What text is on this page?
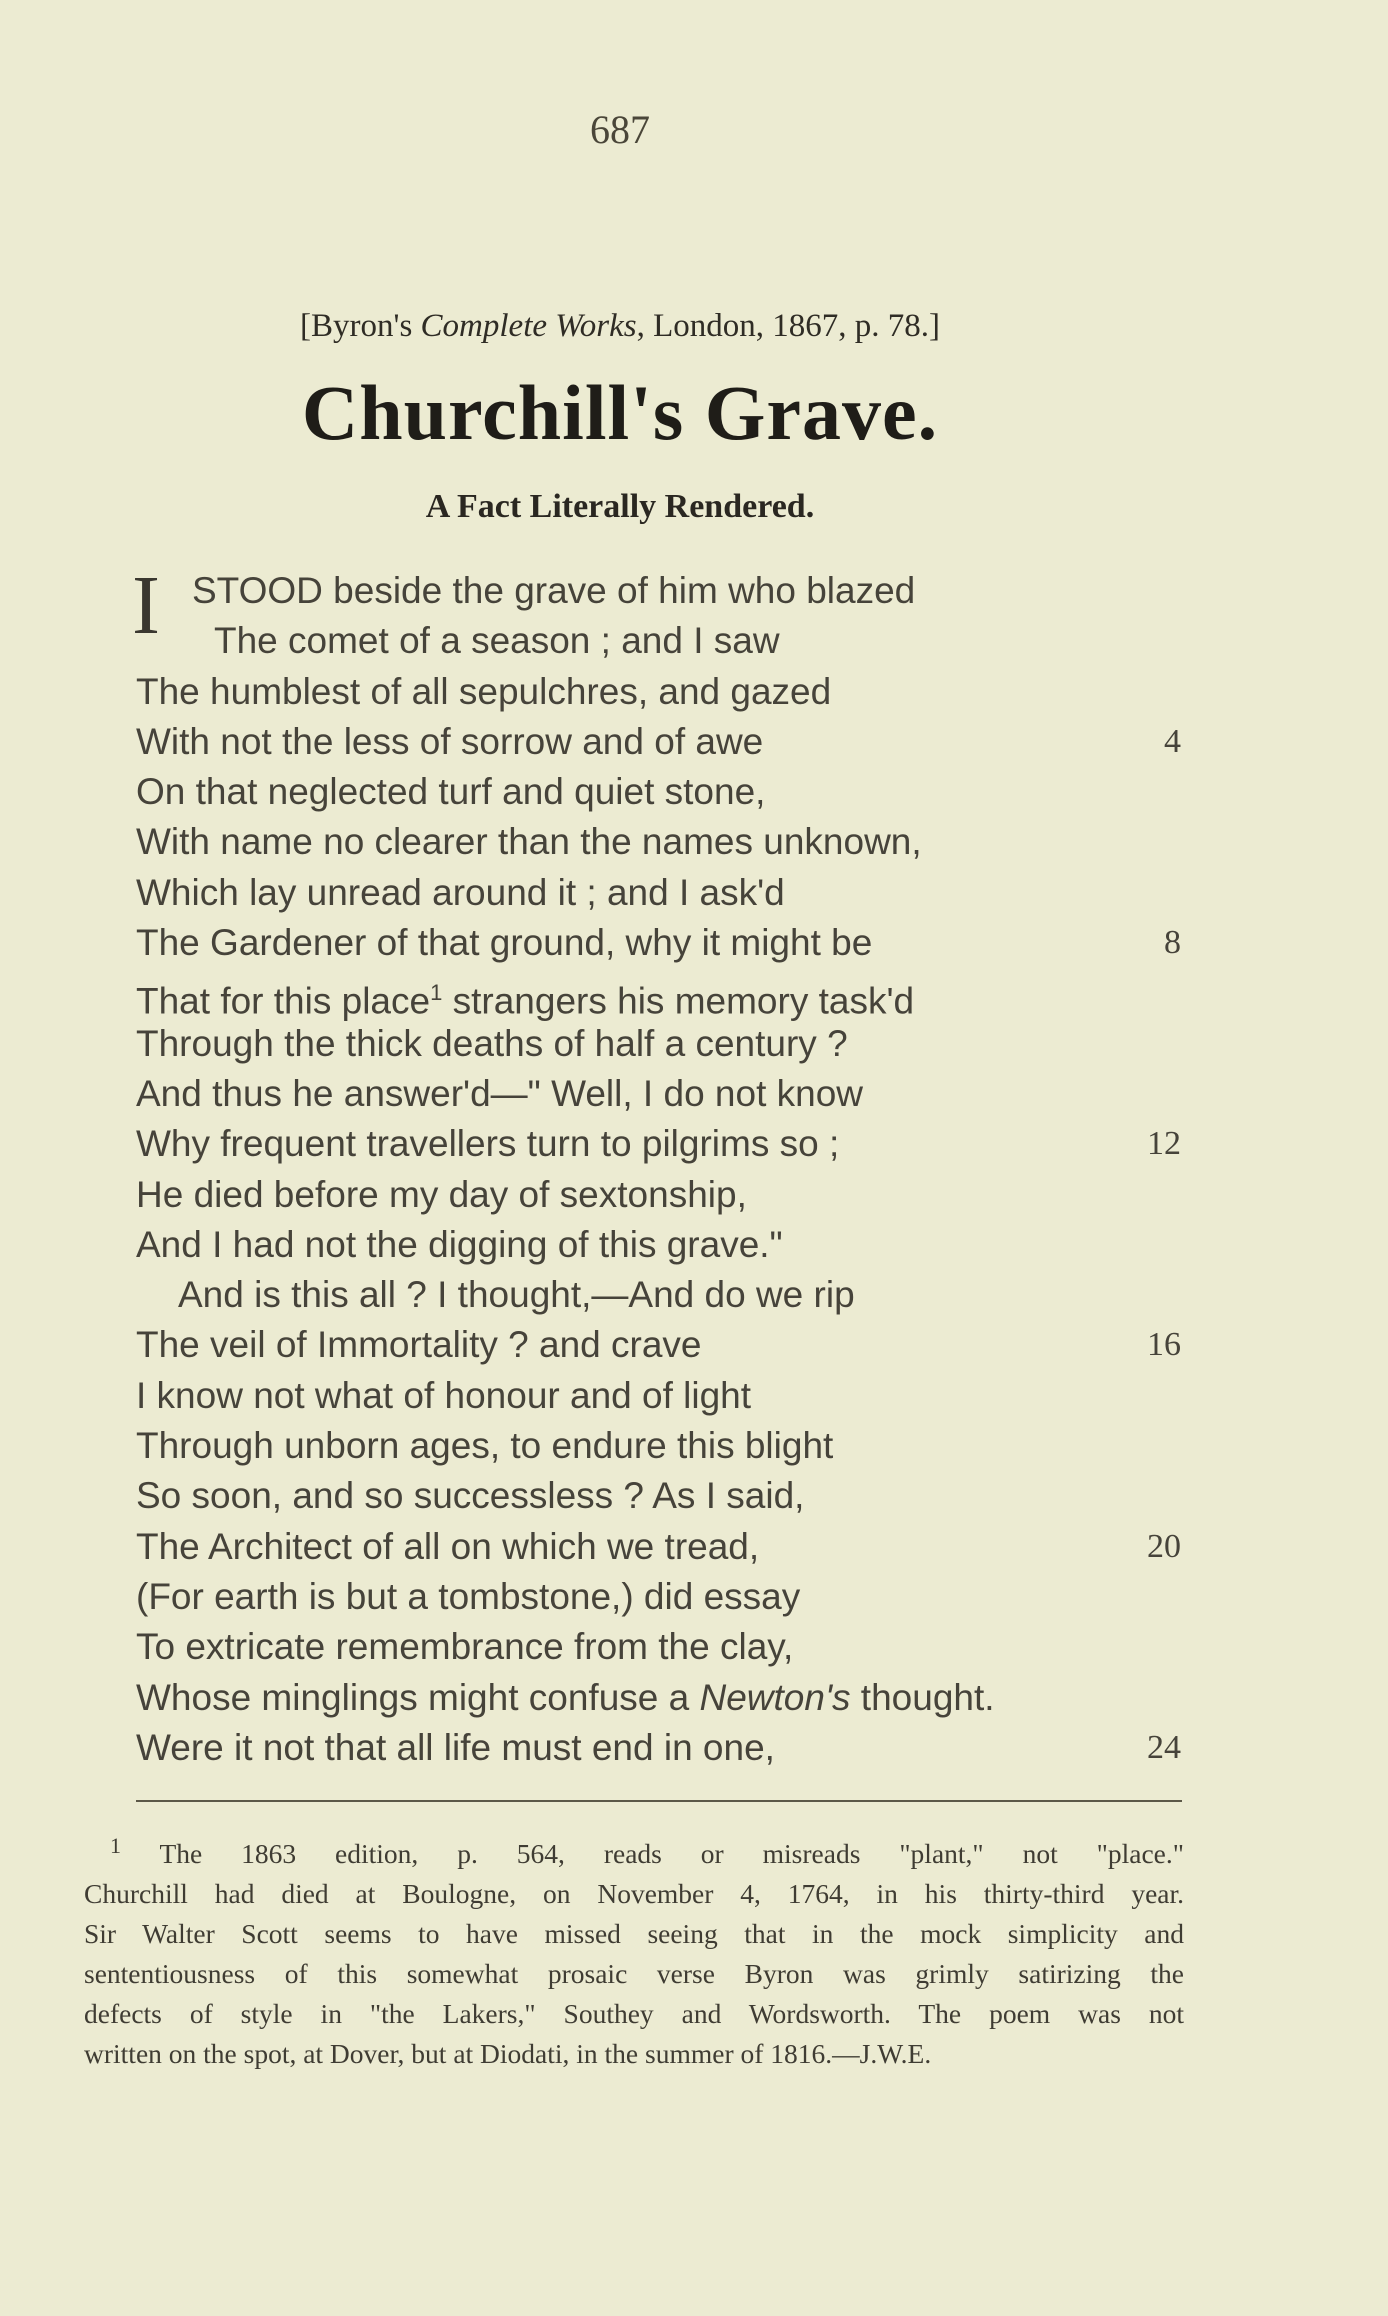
687
[Byron's Complete Works, London, 1867, p. 78.]
Churchill's Grave.
A Fact Literally Rendered.
I STOOD beside the grave of him who blazed
The comet of a season ; and I saw
The humblest of all sepulchres, and gazed
With not the less of sorrow and of awe	4
On that neglected turf and quiet stone,
With name no clearer than the names unknown,
Which lay unread around it ; and I ask'd
The Gardener of that ground, why it might be	8
That for this place$^1$ strangers his memory task'd
Through the thick deaths of half a century ?
And thus he answer'd—" Well, I do not know
Why frequent travellers turn to pilgrims so ;	12
He died before my day of sextonship,
And I had not the digging of this grave."
And is this all ? I thought,—And do we rip
The veil of Immortality ? and crave	16
I know not what of honour and of light
Through unborn ages, to endure this blight
So soon, and so successless ? As I said,
The Architect of all on which we tread,	20
(For earth is but a tombstone,) did essay
To extricate remembrance from the clay,
Whose minglings might confuse a Newton's thought.
Were it not that all life must end in one,	24
$^1$ The 1863 edition, p. 564, reads or misreads "plant," not "place."
Churchill had died at Boulogne, on November 4, 1764, in his thirty-third year.
Sir Walter Scott seems to have missed seeing that in the mock simplicity and
sententiousness of this somewhat prosaic verse Byron was grimly satirizing the
defects of style in "the Lakers," Southey and Wordsworth. The poem was not
written on the spot, at Dover, but at Diodati, in the summer of 1816.—J.W.E.
